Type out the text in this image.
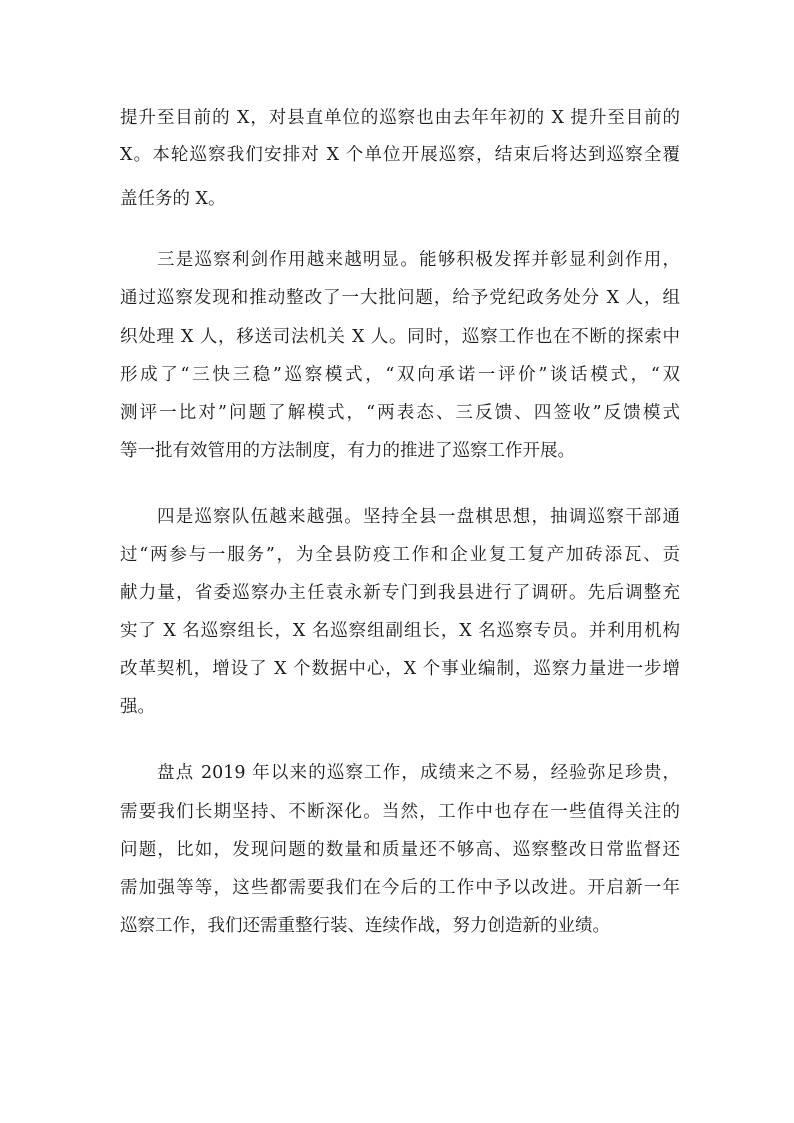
提升至目前的 X，对县直单位的巡察也由去年年初的 X 提升至目前的
X。本轮巡察我们安排对 X 个单位开展巡察，结束后将达到巡察全覆
盖任务的 X。
三是巡察利剑作用越来越明显。能够积极发挥并彰显利剑作用，
通过巡察发现和推动整改了一大批问题，给予党纪政务处分 X 人，组
织处理 X 人，移送司法机关 X 人。同时，巡察工作也在不断的探索中
形成了“三快三稳”巡察模式，“双向承诺一评价”谈话模式，“双
测评一比对”问题了解模式，“两表态、三反馈、四签收”反馈模式
等一批有效管用的方法制度，有力的推进了巡察工作开展。
四是巡察队伍越来越强。坚持全县一盘棋思想，抽调巡察干部通
过“两参与一服务”，为全县防疫工作和企业复工复产加砖添瓦、贡
献力量，省委巡察办主任袁永新专门到我县进行了调研。先后调整充
实了 X 名巡察组长，X 名巡察组副组长，X 名巡察专员。并利用机构
改革契机，增设了 X 个数据中心，X 个事业编制，巡察力量进一步增
强。
盘点 2019 年以来的巡察工作，成绩来之不易，经验弥足珍贵，
需要我们长期坚持、不断深化。当然，工作中也存在一些值得关注的
问题，比如，发现问题的数量和质量还不够高、巡察整改日常监督还
需加强等等，这些都需要我们在今后的工作中予以改进。开启新一年
巡察工作，我们还需重整行装、连续作战，努力创造新的业绩。
